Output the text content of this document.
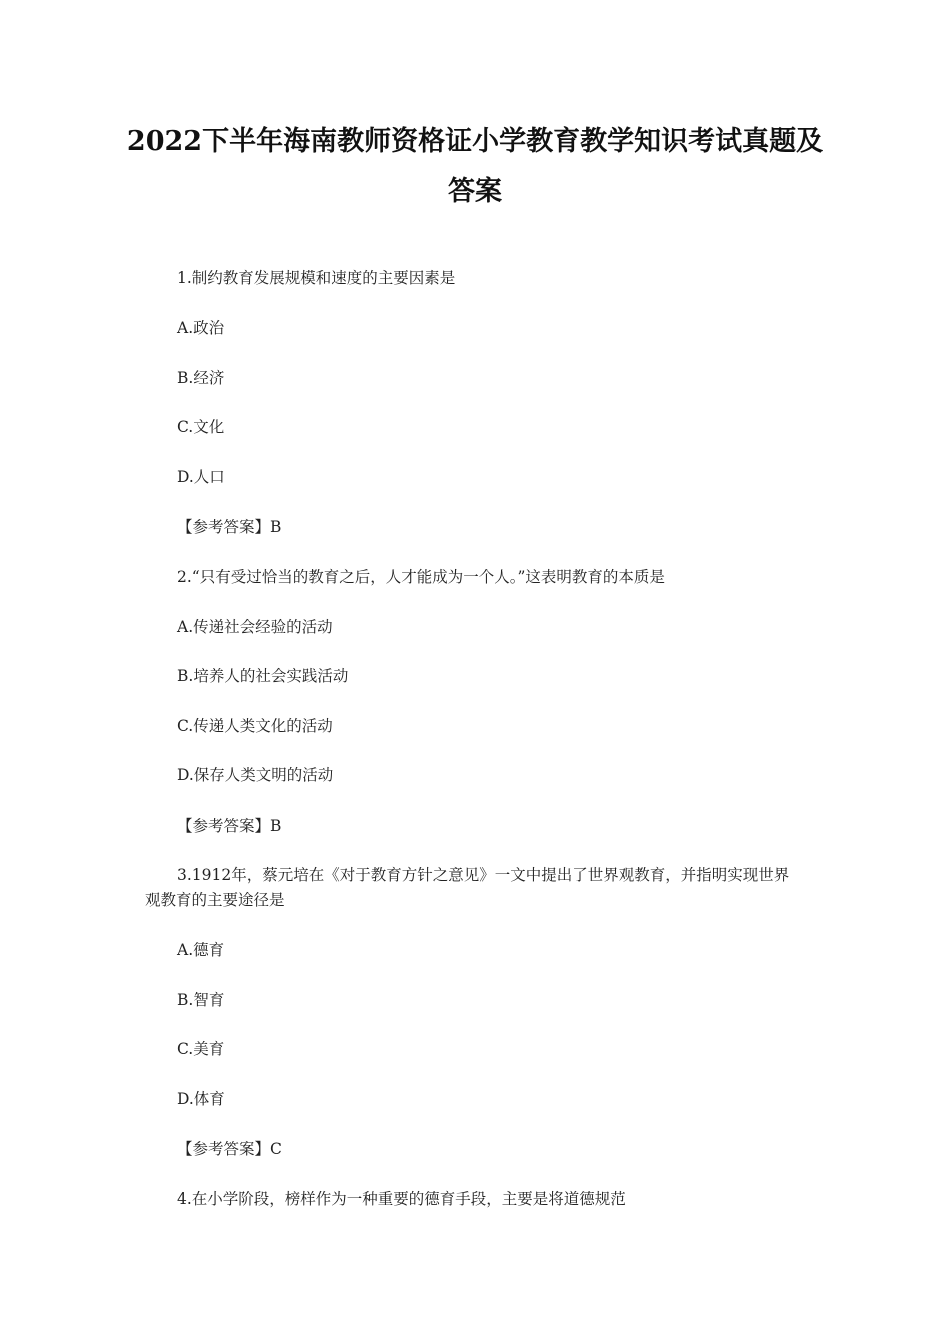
2022下半年海南教师资格证小学教育教学知识考试真题及
答案
1.制约教育发展规模和速度的主要因素是
A.政治
B.经济
C.文化
D.人口
【参考答案】B
2.“只有受过恰当的教育之后，人才能成为一个人。”这表明教育的本质是
A.传递社会经验的活动
B.培养人的社会实践活动
C.传递人类文化的活动
D.保存人类文明的活动
【参考答案】B
3.1912年，蔡元培在《对于教育方针之意见》一文中提出了世界观教育，并指明实现世界
观教育的主要途径是
A.德育
B.智育
C.美育
D.体育
【参考答案】C
4.在小学阶段，榜样作为一种重要的德育手段，主要是将道德规范
